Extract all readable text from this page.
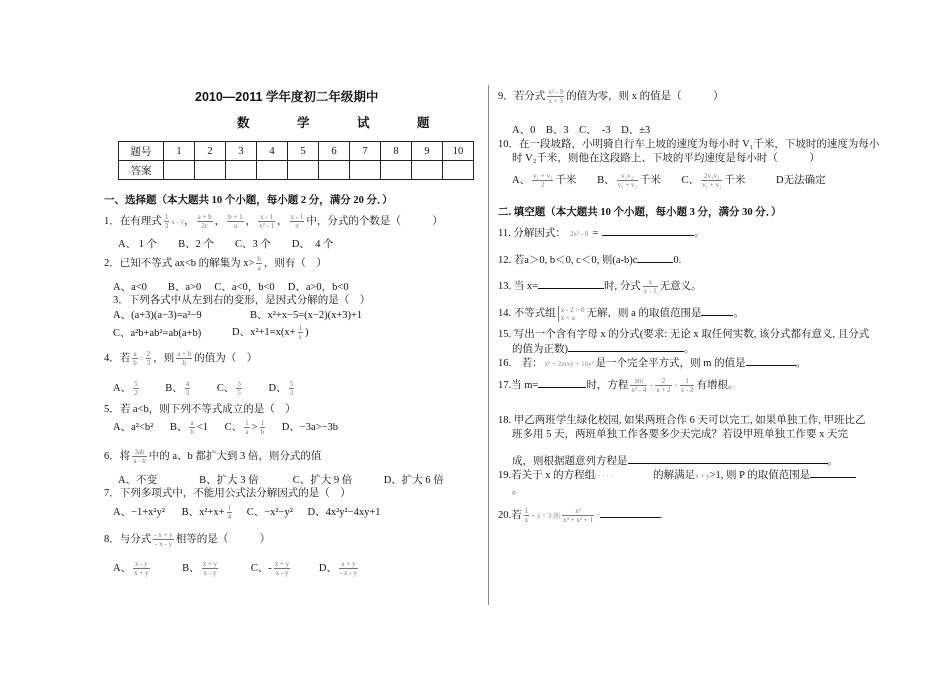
2010—2011 学年度初二年级期中
数 学 试 题
题号	1	2	3	4	5	6	7	8	9	10
答案										
一、选择题（本大题共 10 个小题，每小题 2 分，满分 20 分．）
1．在有理式 $\frac{1}{3}$ x - y， $\frac{a + b}{2c}$ ， $\frac{b + 1}{a}$ ， $\frac{x - 1}{\text{x² - 1}}$ ， $\frac{x - 1}{\pi}$ 中，分式的个数是（　　　）
A、 1 个　　B、2 个　　C、3 个　　D、　4 个
2．已知不等式 ax<b 的解集为 $x> \frac{b}{a}$ ，则有（　）
A、a<0　　B、a>0　 C、a<0，b<0　 D、a>0，b<0
3．下列各式中从左到右的变形，是因式分解的是（　）
A、(a+3)(a−3)=a²−9	B、x²+x−5=(x−2)(x+3)+1
C、a²b+ab²=ab(a+b)	D、$x^2+1=x(x+ \frac{1}{x}$ )
4．若 $\frac{a}{b} = \frac{2}{3}$ ，则 $\frac{a + b}{b}$ 的值为（　）
A、 $\frac{5}{2}$	B、 $\frac{4}{3}$	C、 $\frac{3}{5}$	D、 $\frac{5}{3}$
5．若 a<b，则下列不等式成立的是（　）
A、a²<b² B、 $\frac{a}{b} <1$ C、 $\frac{1}{a} > \frac{1}{b}$ D、−3a>−3b
6．将 $\frac{3ab}{a - b}$ 中的 a、b 都扩大到 3 倍，则分式的值
A、不变　　　　B、扩大 3 倍　　　 C、扩大 9 倍　　　D、扩大 6 倍
7．下列多项式中，不能用公式法分解因式的是（　）
A、−1+x²y² B、$x^2+x+ \frac{1}{4}$ C、−x²−y² D、4x²y²−4xy+1
8．与分式 $\frac{- x + y}{- x - y}$ 相等的是（　　　）
A、 $\frac{x - y}{x + y}$	B、 $\frac{x + y}{x - y}$	C、- $\frac{x + y}{x - y}$	D、 $\frac{x + y}{- x - y}$
9．若分式 $\frac{\text{x² - 9}}{x + 3}$ 的值为零，则 x 的值是（　　　）
A、0　B、3　C、　-3　D、±3
10．在一段坡路，小明骑自行车上坡的速度为每小时 V₁千米，下坡时的速度为每小
时 V₂千米，则他在这段路上、下坡的平均速度是每小时（　　　）
A、 $\frac{\text{v₁ + v₂}}{2}$ 千米 B、 $\frac{\text{v₁v₂}}{\text{v₁ + v₂}}$ 千米 C、 $\frac{\text{2v₁v₂}}{\text{v₁ + v₂}}$ 千米	D无法确定
二. 填空题（本大题共 10 个小题，每小题 3 分，满分 30 分．）
11. 分解因式： 2x² - 8 =	。
12. 若a＞0, b＜0, c＜0, 则(a-b)c	0.
13. 当 x=	时, 分式 $\frac{x}{x - 1}$ 无意义。
14. 不等式组 x - 2 > 0
x < a	无解，则 a 的取值范围是	。
15. 写出一个含有字母 x 的分式(要求: 无论 x 取任何实数, 该分式都有意义, 且分式
的值为正数)	。
16.　若： x² + 2mxy + 16y² 是一个完全平方式，则 m 的值是	。
17.当 m=	时，方程 $\frac{|m|}{\text{x² - 4}} + \frac{2}{x + 2} = \frac{1}{x - 2}$ 有增根。
18. 甲乙两班学生绿化校园, 如果两班合作 6 天可以完工, 如果单独工作, 甲班比乙
班多用 5 天，两班单独工作各要多少天完成？若设甲班单独工作要 x 天完
成，则根据题意列方程是	。
19.若关于 x 的方程组| · · · ·	的解满足x + y>1, 则 P 的取值范围是
。
20.若 $\frac{1}{x} + x = 3$,则 $\frac{\text{x²}}{\text{x⁴ + x² + 1}}$ =	.
